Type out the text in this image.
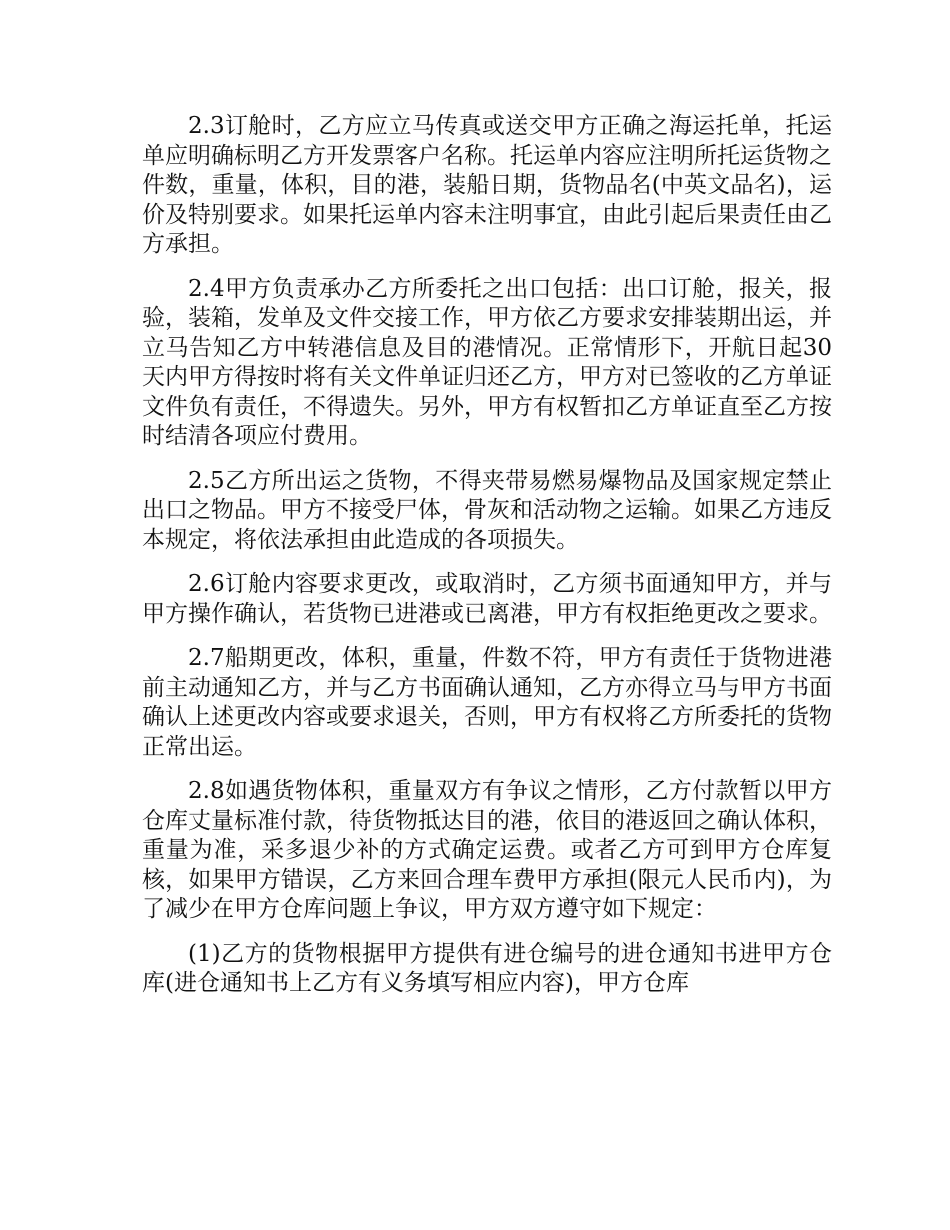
2.3订舱时，乙方应立马传真或送交甲方正确之海运托单，托运单应明确标明乙方开发票客户名称。托运单内容应注明所托运货物之件数，重量，体积，目的港，装船日期，货物品名(中英文品名)，运价及特别要求。如果托运单内容未注明事宜，由此引起后果责任由乙方承担。

2.4甲方负责承办乙方所委托之出口包括：出口订舱，报关，报验，装箱，发单及文件交接工作，甲方依乙方要求安排装期出运，并立马告知乙方中转港信息及目的港情况。正常情形下，开航日起30天内甲方得按时将有关文件单证归还乙方，甲方对已签收的乙方单证文件负有责任，不得遗失。另外，甲方有权暂扣乙方单证直至乙方按时结清各项应付费用。

2.5乙方所出运之货物，不得夹带易燃易爆物品及国家规定禁止出口之物品。甲方不接受尸体，骨灰和活动物之运输。如果乙方违反本规定，将依法承担由此造成的各项损失。

2.6订舱内容要求更改，或取消时，乙方须书面通知甲方，并与甲方操作确认，若货物已进港或已离港，甲方有权拒绝更改之要求。

2.7船期更改，体积，重量，件数不符，甲方有责任于货物进港前主动通知乙方，并与乙方书面确认通知，乙方亦得立马与甲方书面确认上述更改内容或要求退关，否则，甲方有权将乙方所委托的货物正常出运。

2.8如遇货物体积，重量双方有争议之情形，乙方付款暂以甲方仓库丈量标准付款，待货物抵达目的港，依目的港返回之确认体积，重量为准，采多退少补的方式确定运费。或者乙方可到甲方仓库复核，如果甲方错误，乙方来回合理车费甲方承担(限元人民币内)，为了减少在甲方仓库问题上争议，甲方双方遵守如下规定：

(1)乙方的货物根据甲方提供有进仓编号的进仓通知书进甲方仓库(进仓通知书上乙方有义务填写相应内容)，甲方仓库
